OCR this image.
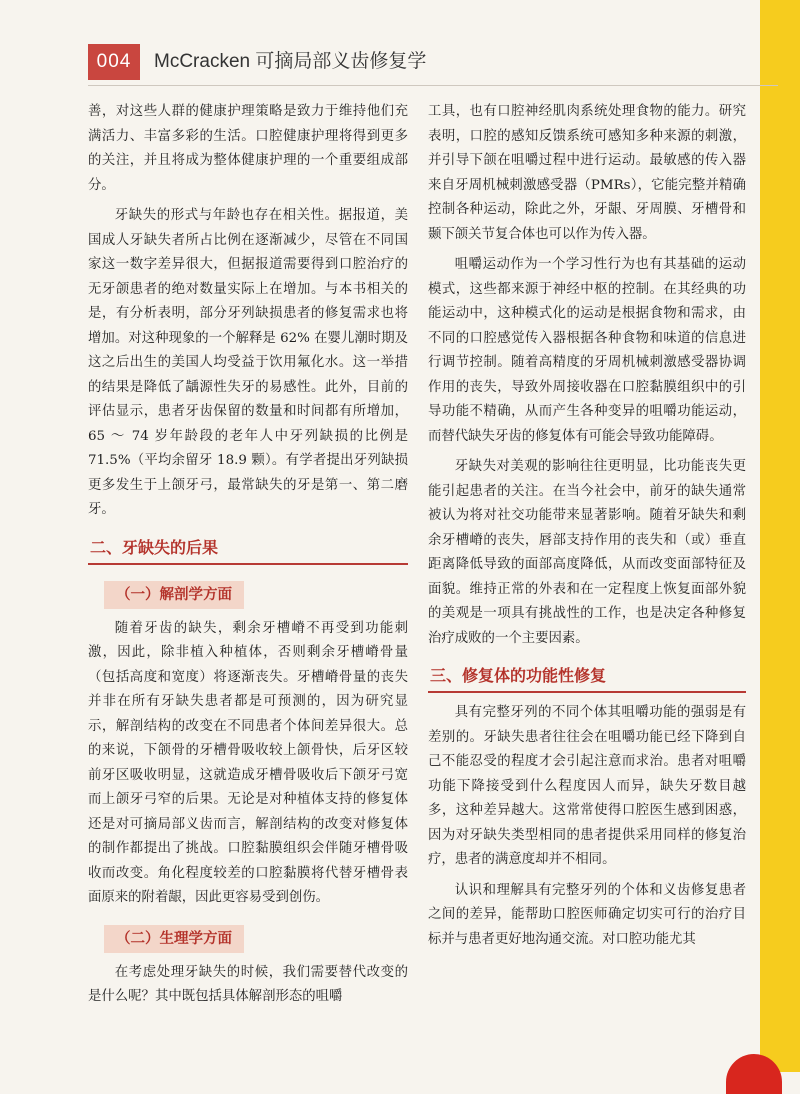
004	McCracken 可摘局部义齿修复学

善，对这些人群的健康护理策略是致力于维持他们充满活力、丰富多彩的生活。口腔健康护理将得到更多的关注，并且将成为整体健康护理的一个重要组成部分。

牙缺失的形式与年龄也存在相关性。据报道，美国成人牙缺失者所占比例在逐渐减少，尽管在不同国家这一数字差异很大，但据报道需要得到口腔治疗的无牙颌患者的绝对数量实际上在增加。与本书相关的是，有分析表明，部分牙列缺损患者的修复需求也将增加。对这种现象的一个解释是 62% 在婴儿潮时期及这之后出生的美国人均受益于饮用氟化水。这一举措的结果是降低了龋源性失牙的易感性。此外，目前的评估显示，患者牙齿保留的数量和时间都有所增加，65 ～ 74 岁年龄段的老年人中牙列缺损的比例是 71.5%（平均余留牙 18.9 颗）。有学者提出牙列缺损更多发生于上颌牙弓，最常缺失的牙是第一、第二磨牙。

二、牙缺失的后果
（一）解剖学方面

随着牙齿的缺失，剩余牙槽嵴不再受到功能刺激，因此，除非植入种植体，否则剩余牙槽嵴骨量（包括高度和宽度）将逐渐丧失。牙槽嵴骨量的丧失并非在所有牙缺失患者都是可预测的，因为研究显示，解剖结构的改变在不同患者个体间差异很大。总的来说，下颌骨的牙槽骨吸收较上颌骨快，后牙区较前牙区吸收明显，这就造成牙槽骨吸收后下颌牙弓宽而上颌牙弓窄的后果。无论是对种植体支持的修复体还是对可摘局部义齿而言，解剖结构的改变对修复体的制作都提出了挑战。口腔黏膜组织会伴随牙槽骨吸收而改变。角化程度较差的口腔黏膜将代替牙槽骨表面原来的附着龈，因此更容易受到创伤。

（二）生理学方面

在考虑处理牙缺失的时候，我们需要替代改变的是什么呢？其中既包括具体解剖形态的咀嚼

工具，也有口腔神经肌肉系统处理食物的能力。研究表明，口腔的感知反馈系统可感知多种来源的刺激，并引导下颌在咀嚼过程中进行运动。最敏感的传入器来自牙周机械刺激感受器（PMRs），它能完整并精确控制各种运动，除此之外，牙龈、牙周膜、牙槽骨和颞下颌关节复合体也可以作为传入器。

咀嚼运动作为一个学习性行为也有其基础的运动模式，这些都来源于神经中枢的控制。在其经典的功能运动中，这种模式化的运动是根据食物和需求，由不同的口腔感觉传入器根据各种食物和味道的信息进行调节控制。随着高精度的牙周机械刺激感受器协调作用的丧失，导致外周接收器在口腔黏膜组织中的引导功能不精确，从而产生各种变异的咀嚼功能运动，而替代缺失牙齿的修复体有可能会导致功能障碍。

牙缺失对美观的影响往往更明显，比功能丧失更能引起患者的关注。在当今社会中，前牙的缺失通常被认为将对社交功能带来显著影响。随着牙缺失和剩余牙槽嵴的丧失，唇部支持作用的丧失和（或）垂直距离降低导致的面部高度降低，从而改变面部特征及面貌。维持正常的外表和在一定程度上恢复面部外貌的美观是一项具有挑战性的工作，也是决定各种修复治疗成败的一个主要因素。

三、修复体的功能性修复

具有完整牙列的不同个体其咀嚼功能的强弱是有差别的。牙缺失患者往往会在咀嚼功能已经下降到自己不能忍受的程度才会引起注意而求治。患者对咀嚼功能下降接受到什么程度因人而异，缺失牙数目越多，这种差异越大。这常常使得口腔医生感到困惑，因为对牙缺失类型相同的患者提供采用同样的修复治疗，患者的满意度却并不相同。

认识和理解具有完整牙列的个体和义齿修复患者之间的差异，能帮助口腔医师确定切实可行的治疗目标并与患者更好地沟通交流。对口腔功能尤其
